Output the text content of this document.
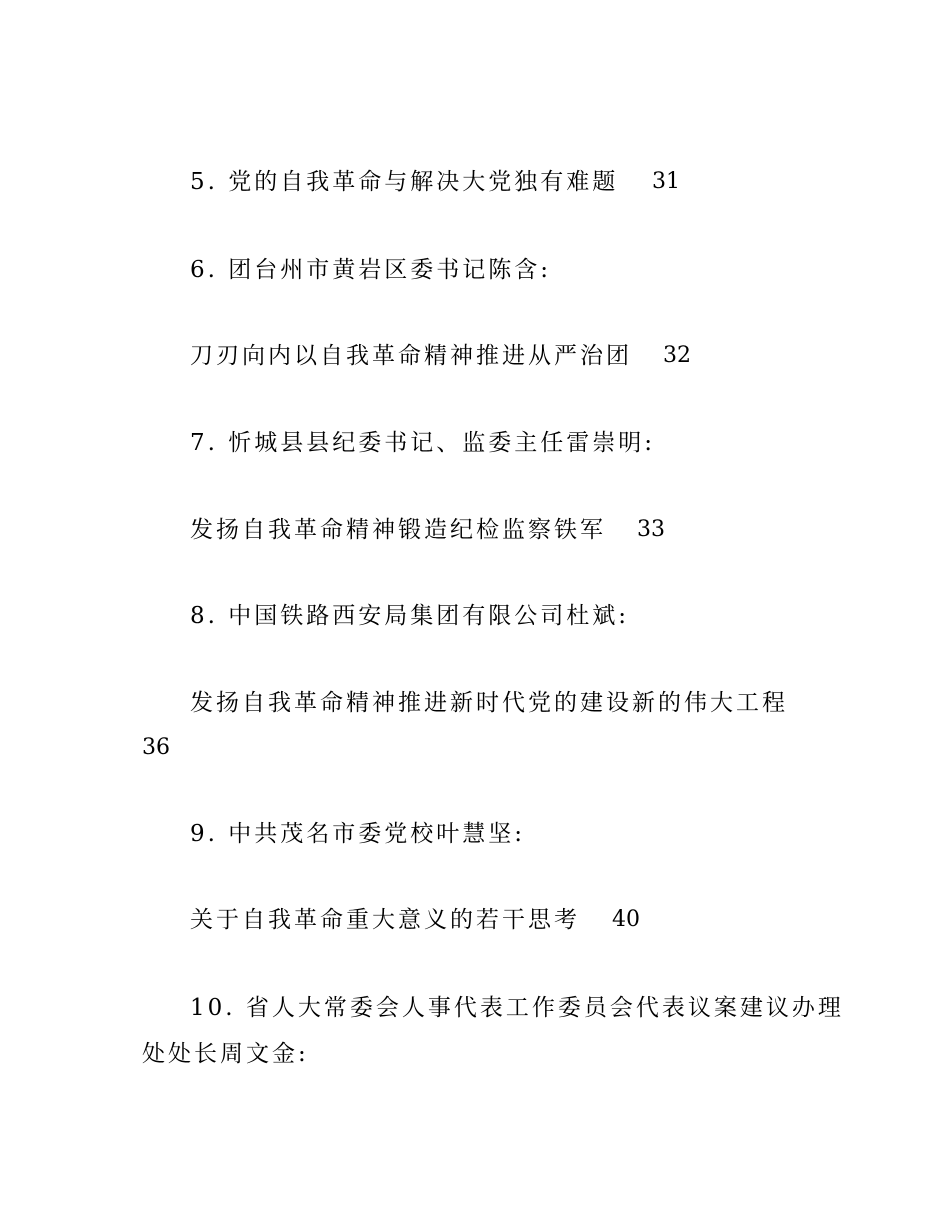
5. 党的自我革命与解决大党独有难题 31
6. 团台州市黄岩区委书记陈含:
刀刃向内以自我革命精神推进从严治团 32
7. 忻城县县纪委书记、监委主任雷崇明:
发扬自我革命精神锻造纪检监察铁军 33
8. 中国铁路西安局集团有限公司杜斌:
发扬自我革命精神推进新时代党的建设新的伟大工程
36
9. 中共茂名市委党校叶慧坚:
关于自我革命重大意义的若干思考 40
10. 省人大常委会人事代表工作委员会代表议案建议办理
处处长周文金:
